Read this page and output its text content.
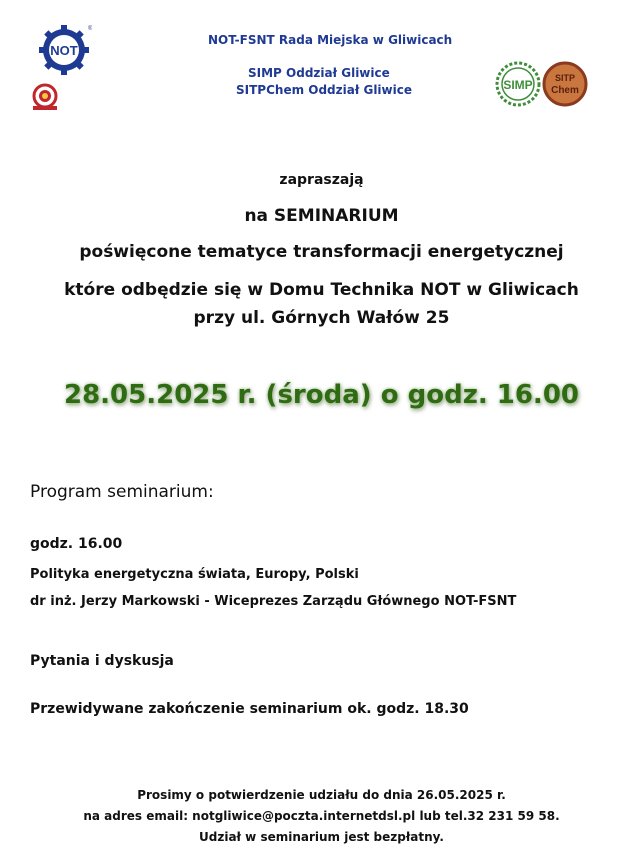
NOT
®
SIMP SITP
Chem
NOT-FSNT Rada Miejska w Gliwicach
SIMP Oddział Gliwice
SITPChem Oddział Gliwice
zapraszają
na SEMINARIUM
poświęcone tematyce transformacji energetycznej
które odbędzie się w Domu Technika NOT w Gliwicach
przy ul. Górnych Wałów 25
28.05.2025 r. (środa) o godz. 16.00
Program seminarium:
godz. 16.00
Polityka energetyczna świata, Europy, Polski
dr inż. Jerzy Markowski - Wiceprezes Zarządu Głównego NOT-FSNT
Pytania i dyskusja
Przewidywane zakończenie seminarium ok. godz. 18.30
Prosimy o potwierdzenie udziału do dnia 26.05.2025 r.
na adres email: notgliwice@poczta.internetdsl.pl lub tel.32 231 59 58.
Udział w seminarium jest bezpłatny.
